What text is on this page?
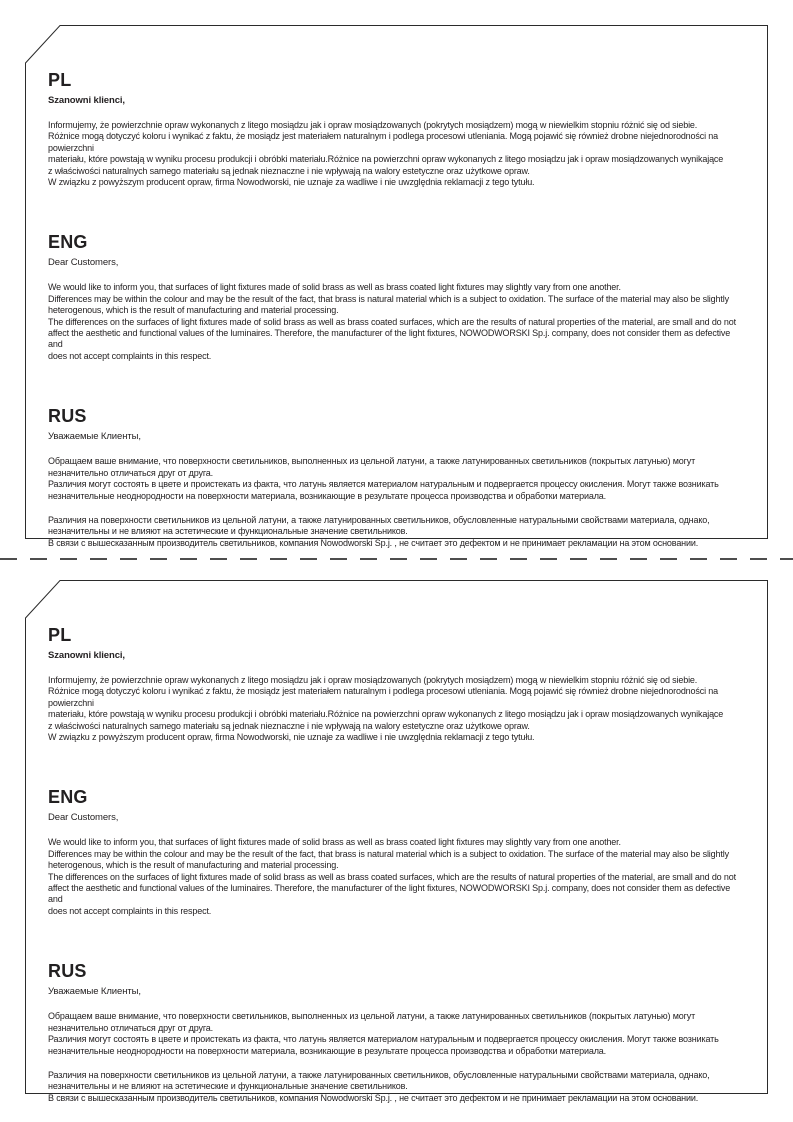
PL
Szanowni klienci,
Informujemy, że powierzchnie opraw wykonanych z litego mosiądzu jak i opraw mosiądzowanych (pokrytych mosiądzem) mogą w niewielkim stopniu różnić się od siebie.
Różnice mogą dotyczyć koloru i wynikać z faktu, że mosiądz jest materiałem naturalnym i podlega procesowi utleniania. Mogą pojawić się również drobne niejednorodności na powierzchni
materiału, które powstają w wyniku procesu produkcji i obróbki materiału.Różnice na powierzchni opraw wykonanych z litego mosiądzu jak i opraw mosiądzowanych wynikające
z właściwości naturalnych samego materiału są jednak nieznaczne i nie wpływają na walory estetyczne oraz użytkowe opraw.
W związku z powyższym producent opraw, firma Nowodworski, nie uznaje za wadliwe i nie uwzględnia reklamacji z tego tytułu.
ENG
Dear Customers,
We would like to inform you, that surfaces of light fixtures made of solid brass as well as brass coated light fixtures may slightly vary from one another.
Differences may be within the colour and may be the result of the fact, that brass is natural material which is a subject to oxidation. The surface of the material may also be slightly
heterogenous, which is the result of manufacturing and material processing.
The differences on the surfaces of light fixtures made of solid brass as well as brass coated surfaces, which are the results of natural properties of the material, are small and do not
affect the aesthetic and functional values of the luminaires. Therefore, the manufacturer of the light fixtures, NOWODWORSKI Sp.j. company, does not consider them as defective and
does not accept complaints in this respect.
RUS
Уважаемые Клиенты,
Обращаем ваше внимание, что поверхности светильников, выполненных из цельной латуни, а также латунированных светильников (покрытых латунью) могут
незначительно отличаться друг от друга.
Различия могут состоять в цвете и проистекать из факта, что латунь является материалом натуральным и подвергается процессу окисления. Могут также возникать
незначительные неоднородности на поверхности материала, возникающие в результате процесса производства и обработки материала.
Различия на поверхности светильников из цельной латуни, а также латунированных светильников, обусловленные натуральными свойствами материала, однако,
незначительны и не влияют на эстетические и функциональные значение светильников.
В связи с вышесказанным производитель светильников, компания Nowodworski Sp.j. , не считает это дефектом и не принимает рекламации на этом основании.
PL
Szanowni klienci,
Informujemy, że powierzchnie opraw wykonanych z litego mosiądzu jak i opraw mosiądzowanych (pokrytych mosiądzem) mogą w niewielkim stopniu różnić się od siebie.
Różnice mogą dotyczyć koloru i wynikać z faktu, że mosiądz jest materiałem naturalnym i podlega procesowi utleniania. Mogą pojawić się również drobne niejednorodności na powierzchni
materiału, które powstają w wyniku procesu produkcji i obróbki materiału.Różnice na powierzchni opraw wykonanych z litego mosiądzu jak i opraw mosiądzowanych wynikające
z właściwości naturalnych samego materiału są jednak nieznaczne i nie wpływają na walory estetyczne oraz użytkowe opraw.
W związku z powyższym producent opraw, firma Nowodworski, nie uznaje za wadliwe i nie uwzględnia reklamacji z tego tytułu.
ENG
Dear Customers,
We would like to inform you, that surfaces of light fixtures made of solid brass as well as brass coated light fixtures may slightly vary from one another.
Differences may be within the colour and may be the result of the fact, that brass is natural material which is a subject to oxidation. The surface of the material may also be slightly
heterogenous, which is the result of manufacturing and material processing.
The differences on the surfaces of light fixtures made of solid brass as well as brass coated surfaces, which are the results of natural properties of the material, are small and do not
affect the aesthetic and functional values of the luminaires. Therefore, the manufacturer of the light fixtures, NOWODWORSKI Sp.j. company, does not consider them as defective and
does not accept complaints in this respect.
RUS
Уважаемые Клиенты,
Обращаем ваше внимание, что поверхности светильников, выполненных из цельной латуни, а также латунированных светильников (покрытых латунью) могут
незначительно отличаться друг от друга.
Различия могут состоять в цвете и проистекать из факта, что латунь является материалом натуральным и подвергается процессу окисления. Могут также возникать
незначительные неоднородности на поверхности материала, возникающие в результате процесса производства и обработки материала.
Различия на поверхности светильников из цельной латуни, а также латунированных светильников, обусловленные натуральными свойствами материала, однако,
незначительны и не влияют на эстетические и функциональные значение светильников.
В связи с вышесказанным производитель светильников, компания Nowodworski Sp.j. , не считает это дефектом и не принимает рекламации на этом основании.
